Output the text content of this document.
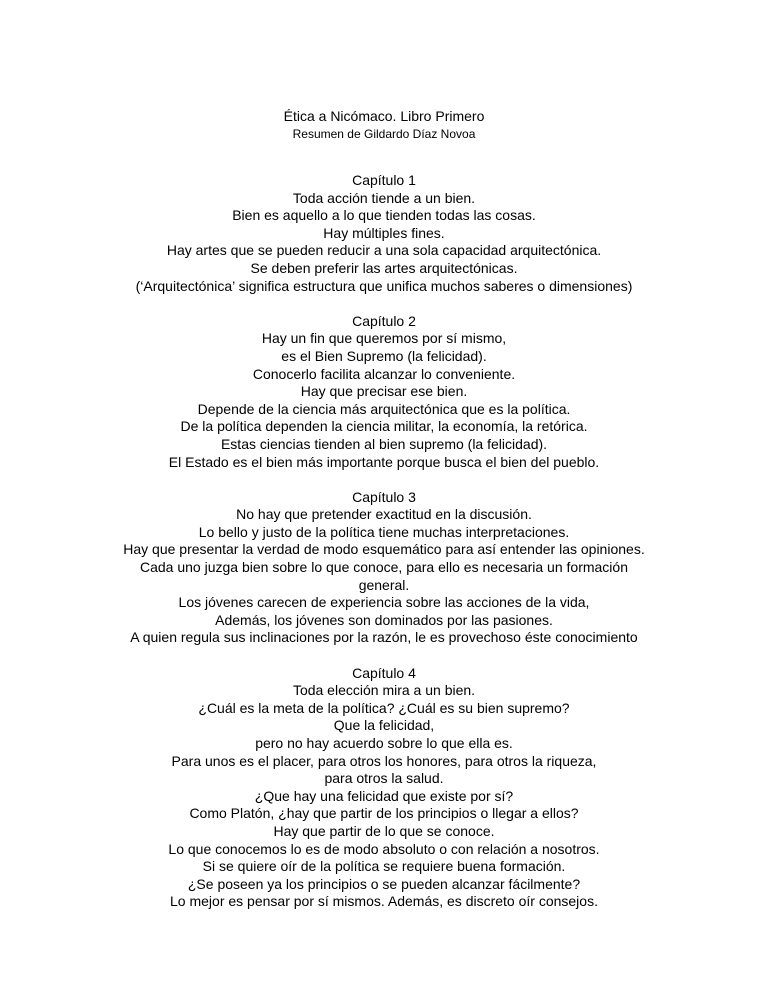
Ética a Nicómaco. Libro Primero
Resumen de Gildardo Díaz Novoa
Capítulo 1
Toda acción tiende a un bien.
Bien es aquello a lo que tienden todas las cosas.
Hay múltiples fines.
Hay artes que se pueden reducir a una sola capacidad arquitectónica.
Se deben preferir las artes arquitectónicas.
(‘Arquitectónica’ significa estructura que unifica muchos saberes o dimensiones)
Capítulo 2
Hay un fin que queremos por sí mismo,
es el Bien Supremo (la felicidad).
Conocerlo facilita alcanzar lo conveniente.
Hay que precisar ese bien.
Depende de la ciencia más arquitectónica que es la política.
De la política dependen la ciencia militar, la economía, la retórica.
Estas ciencias tienden al bien supremo (la felicidad).
El Estado es el bien más importante porque busca el bien del pueblo.
Capítulo 3
No hay que pretender exactitud en la discusión.
Lo bello y justo de la política tiene muchas interpretaciones.
Hay que presentar la verdad de modo esquemático para así entender las opiniones.
Cada uno juzga bien sobre lo que conoce, para ello es necesaria un formación
general.
Los jóvenes carecen de experiencia sobre las acciones de la vida,
Además, los jóvenes son dominados por las pasiones.
A quien regula sus inclinaciones por la razón, le es provechoso éste conocimiento
Capítulo 4
Toda elección mira a un bien.
¿Cuál es la meta de la política? ¿Cuál es su bien supremo?
Que la felicidad,
pero no hay acuerdo sobre lo que ella es.
Para unos es el placer, para otros los honores, para otros la riqueza,
para otros la salud.
¿Que hay una felicidad que existe por sí?
Como Platón, ¿hay que partir de los principios o llegar a ellos?
Hay que partir de lo que se conoce.
Lo que conocemos lo es de modo absoluto o con relación a nosotros.
Si se quiere oír de la política se requiere buena formación.
¿Se poseen ya los principios o se pueden alcanzar fácilmente?
Lo mejor es pensar por sí mismos. Además, es discreto oír consejos.
